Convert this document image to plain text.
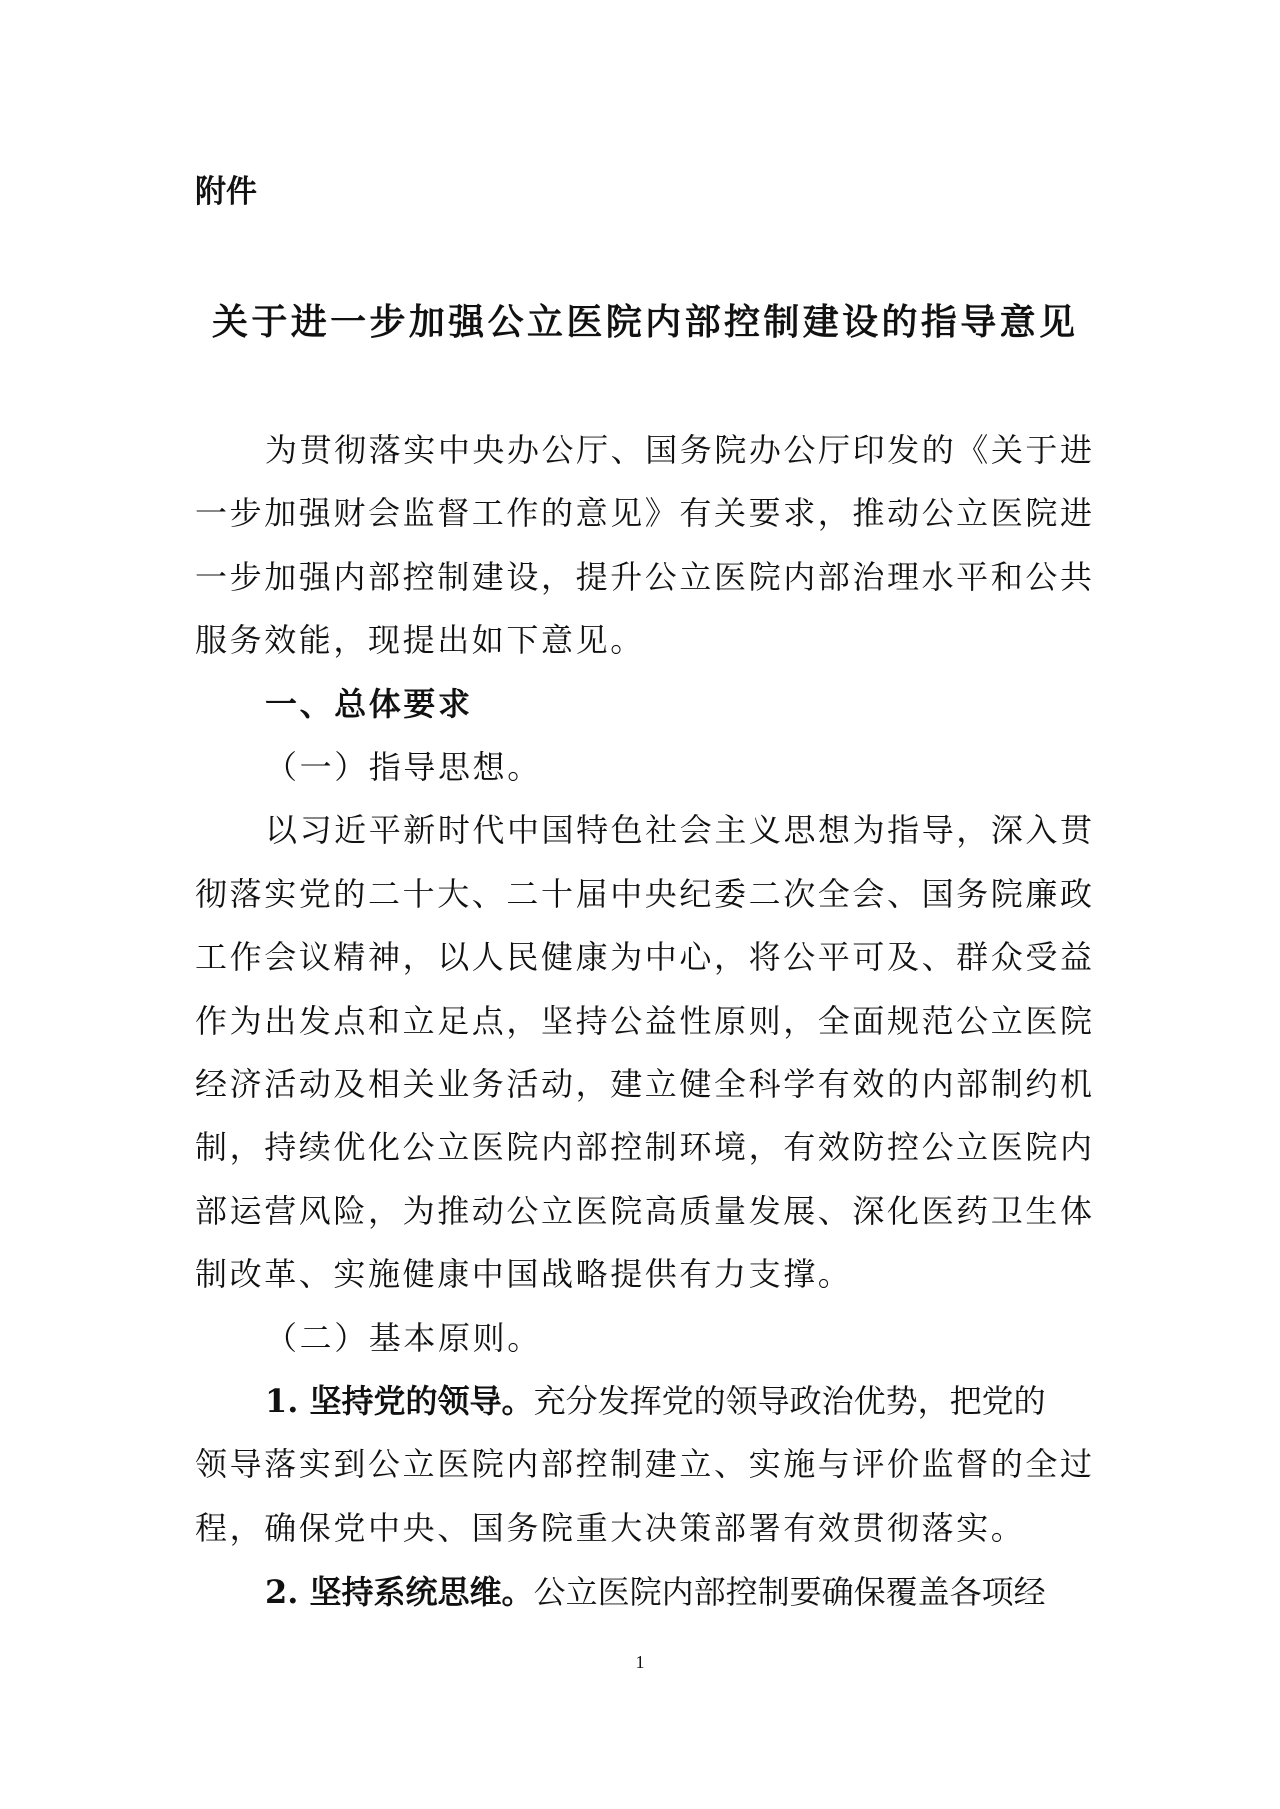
附件
关于进一步加强公立医院内部控制建设的指导意见
为贯彻落实中央办公厅、国务院办公厅印发的《关于进
一步加强财会监督工作的意见》有关要求，推动公立医院进
一步加强内部控制建设，提升公立医院内部治理水平和公共
服务效能，现提出如下意见。
一、总体要求
（一）指导思想。
以习近平新时代中国特色社会主义思想为指导，深入贯
彻落实党的二十大、二十届中央纪委二次全会、国务院廉政
工作会议精神，以人民健康为中心，将公平可及、群众受益
作为出发点和立足点，坚持公益性原则，全面规范公立医院
经济活动及相关业务活动，建立健全科学有效的内部制约机
制，持续优化公立医院内部控制环境，有效防控公立医院内
部运营风险，为推动公立医院高质量发展、深化医药卫生体
制改革、实施健康中国战略提供有力支撑。
（二）基本原则。
1. 坚持党的领导。充分发挥党的领导政治优势，把党的
领导落实到公立医院内部控制建立、实施与评价监督的全过
程，确保党中央、国务院重大决策部署有效贯彻落实。
2. 坚持系统思维。公立医院内部控制要确保覆盖各项经
1
